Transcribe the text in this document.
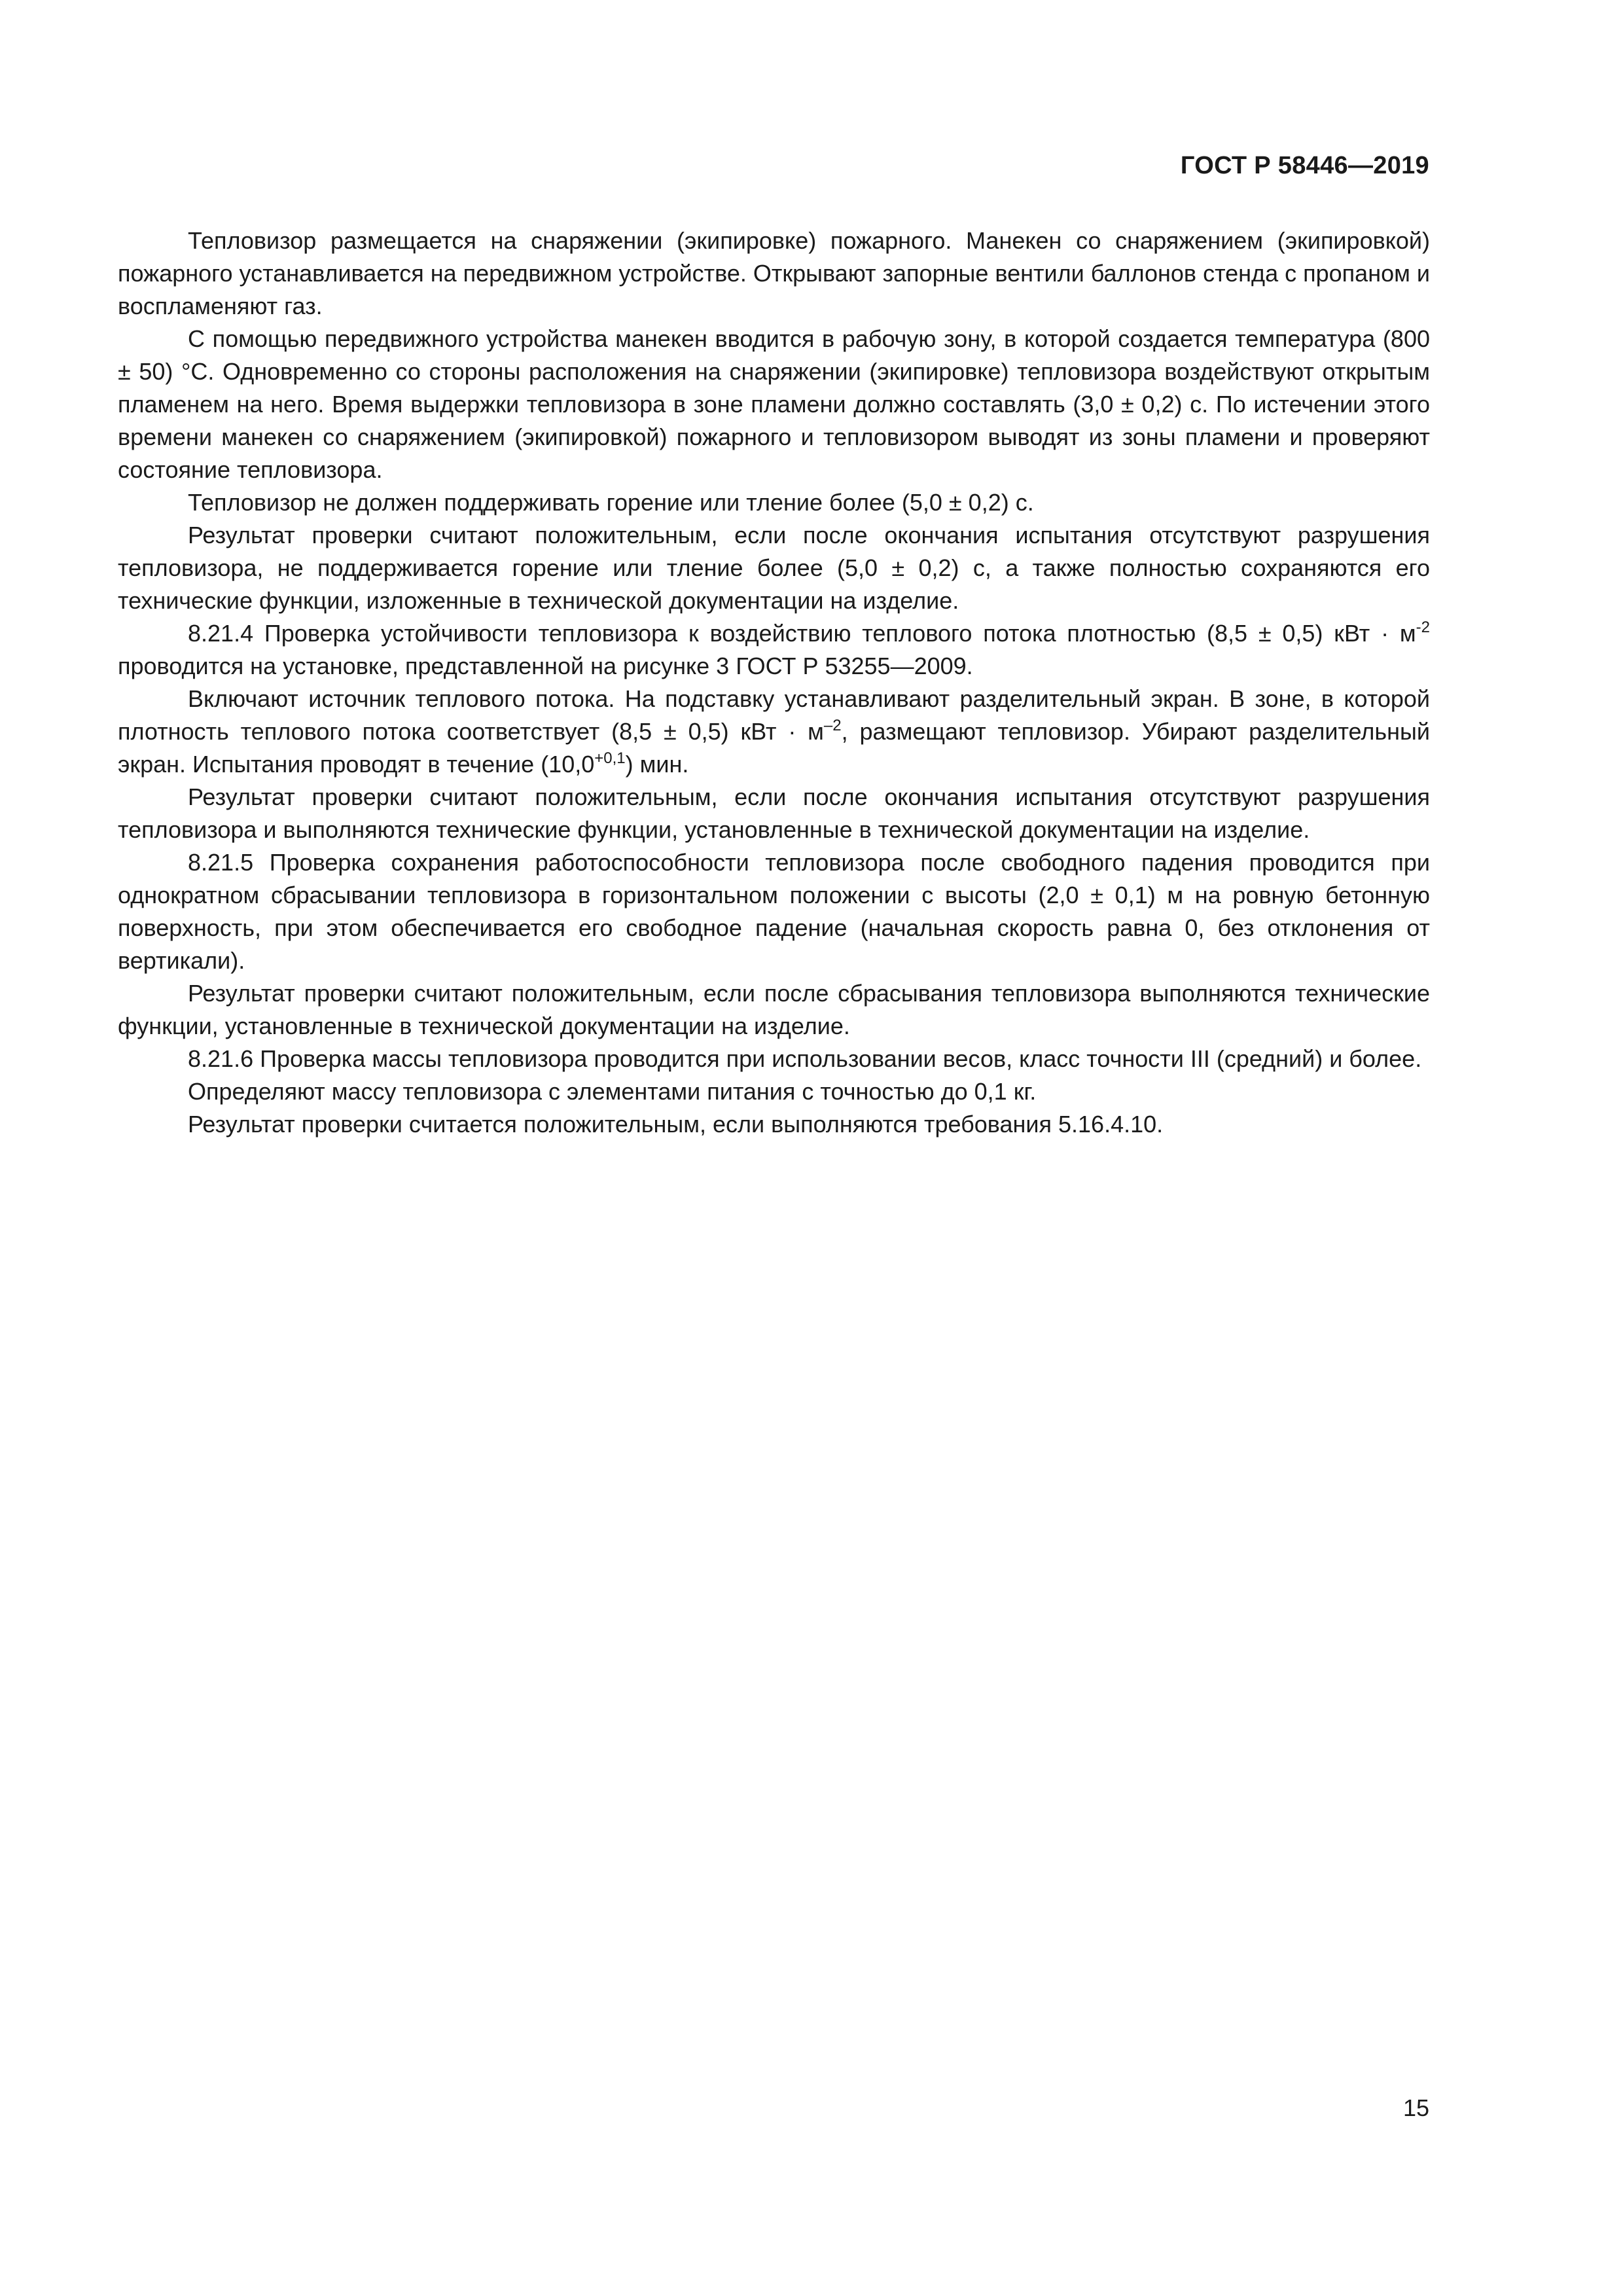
ГОСТ Р 58446—2019

Тепловизор размещается на снаряжении (экипировке) пожарного. Манекен со снаряжением (экипировкой) пожарного устанавливается на передвижном устройстве. Открывают запорные вентили баллонов стенда с пропаном и воспламеняют газ.

С помощью передвижного устройства манекен вводится в рабочую зону, в которой создается температура (800 ± 50) °С. Одновременно со стороны расположения на снаряжении (экипировке) тепловизора воздействуют открытым пламенем на него. Время выдержки тепловизора в зоне пламени должно составлять (3,0 ± 0,2) с. По истечении этого времени манекен со снаряжением (экипировкой) пожарного и тепловизором выводят из зоны пламени и проверяют состояние тепловизора.

Тепловизор не должен поддерживать горение или тление более (5,0 ± 0,2) с.

Результат проверки считают положительным, если после окончания испытания отсутствуют разрушения тепловизора, не поддерживается горение или тление более (5,0 ± 0,2) с, а также полностью сохраняются его технические функции, изложенные в технической документации на изделие.

8.21.4 Проверка устойчивости тепловизора к воздействию теплового потока плотностью (8,5 ± 0,5) кВт · $м^{-2}$ проводится на установке, представленной на рисунке 3 ГОСТ Р 53255—2009.

Включают источник теплового потока. На подставку устанавливают разделительный экран. В зоне, в которой плотность теплового потока соответствует (8,5 ± 0,5) кВт · $м^{-2}$, размещают тепловизор. Убирают разделительный экран. Испытания проводят в течение $(10,0^{+0,1})$ мин.

Результат проверки считают положительным, если после окончания испытания отсутствуют разрушения тепловизора и выполняются технические функции, установленные в технической документации на изделие.

8.21.5 Проверка сохранения работоспособности тепловизора после свободного падения проводится при однократном сбрасывании тепловизора в горизонтальном положении с высоты (2,0 ± 0,1) м на ровную бетонную поверхность, при этом обеспечивается его свободное падение (начальная скорость равна 0, без отклонения от вертикали).

Результат проверки считают положительным, если после сбрасывания тепловизора выполняются технические функции, установленные в технической документации на изделие.

8.21.6 Проверка массы тепловизора проводится при использовании весов, класс точности III (средний) и более.

Определяют массу тепловизора с элементами питания с точностью до 0,1 кг.

Результат проверки считается положительным, если выполняются требования 5.16.4.10.

15
